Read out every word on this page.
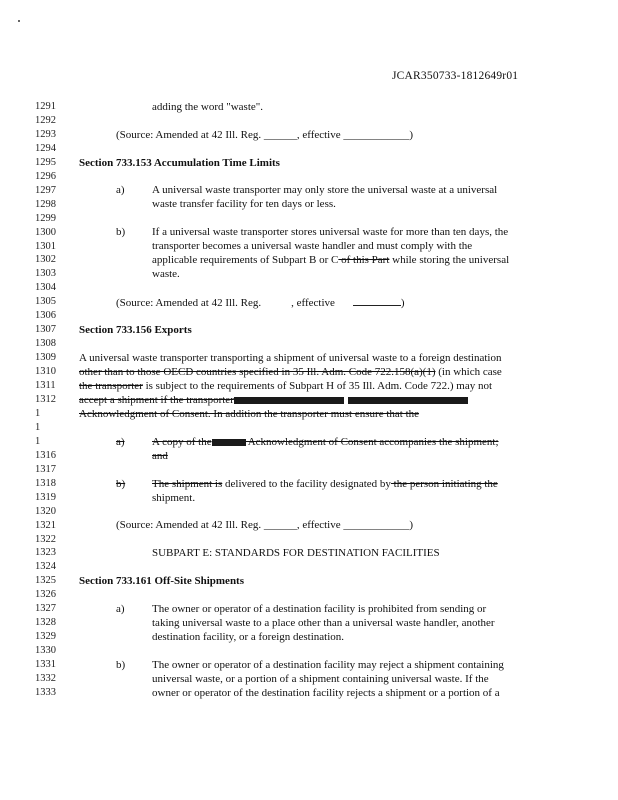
JCAR350733-1812649r01
1291
1292
1293
1294
1295
1296
1297
1298
1299
1300
1301
1302
1303
1304
1305
1306
1307
1308
1309
1310
1311
1312
1
1
1
1316
1317
1318
1319
1320
1321
1322
1323
1324
1325
1326
1327
1328
1329
1330
1331
1332
1333
adding the word "waste".
(Source: Amended at 42 Ill. Reg. ______, effective ____________)
Section 733.153 Accumulation Time Limits
a) A universal waste transporter may only store the universal waste at a universal
waste transfer facility for ten days or less.
b) If a universal waste transporter stores universal waste for more than ten days, the
transporter becomes a universal waste handler and must comply with the
applicable requirements of Subpart B or C of this Part while storing the universal
waste.
(Source: Amended at 42 Ill. Reg.	, effective	)
Section 733.156 Exports
A universal waste transporter transporting a shipment of universal waste to a foreign destination
other than to those OECD countries specified in 35 Ill. Adm. Code 722.158(a)(1) (in which case
the transporter is subject to the requirements of Subpart H of 35 Ill. Adm. Code 722.) may not
accept a shipment if the transporter
Acknowledgment of Consent. In addition the transporter must ensure that the
a) A copy of the	Acknowledgment of Consent accompanies the shipment;
and
b) The shipment is delivered to the facility designated by the person initiating the
shipment.
(Source: Amended at 42 Ill. Reg. ______, effective ____________)
SUBPART E: STANDARDS FOR DESTINATION FACILITIES
Section 733.161 Off-Site Shipments
a) The owner or operator of a destination facility is prohibited from sending or
taking universal waste to a place other than a universal waste handler, another
destination facility, or a foreign destination.
b) The owner or operator of a destination facility may reject a shipment containing
universal waste, or a portion of a shipment containing universal waste. If the
owner or operator of the destination facility rejects a shipment or a portion of a
